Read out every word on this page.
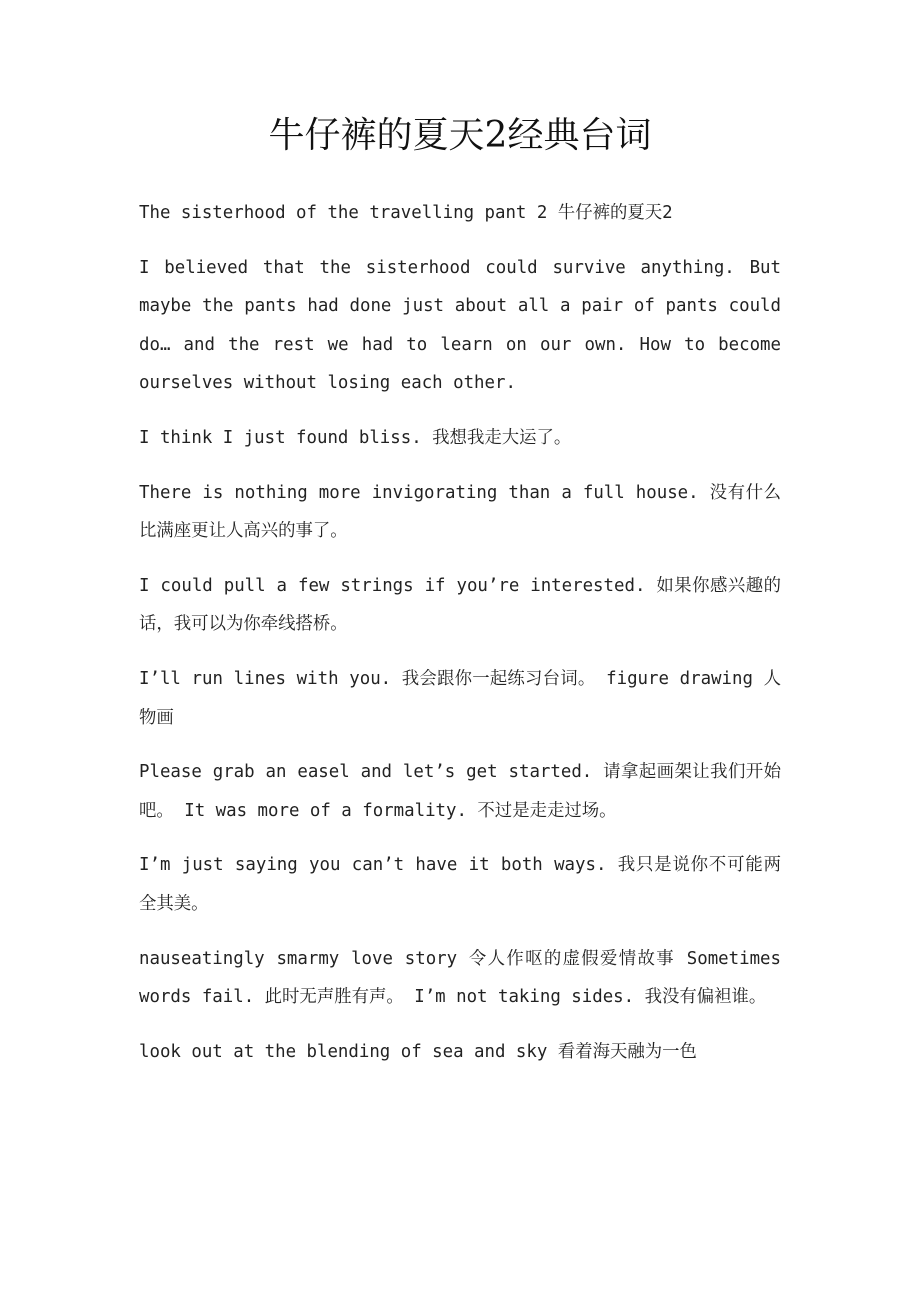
牛仔裤的夏天2经典台词

The sisterhood of the travelling pant 2 牛仔裤的夏天2

I believed that the sisterhood could survive anything. But maybe the pants had done just about all a pair of pants could do… and the rest we had to learn on our own. How to become ourselves without losing each other.

I think I just found bliss. 我想我走大运了。

There is nothing more invigorating than a full house. 没有什么比满座更让人高兴的事了。

I could pull a few strings if you’re interested. 如果你感兴趣的话，我可以为你牵线搭桥。

I’ll run lines with you. 我会跟你一起练习台词。 figure drawing 人物画

Please grab an easel and let’s get started. 请拿起画架让我们开始吧。 It was more of a formality. 不过是走走过场。

I’m just saying you can’t have it both ways. 我只是说你不可能两全其美。

nauseatingly smarmy love story 令人作呕的虚假爱情故事 Sometimes words fail. 此时无声胜有声。 I’m not taking sides. 我没有偏袒谁。

look out at the blending of sea and sky 看着海天融为一色
